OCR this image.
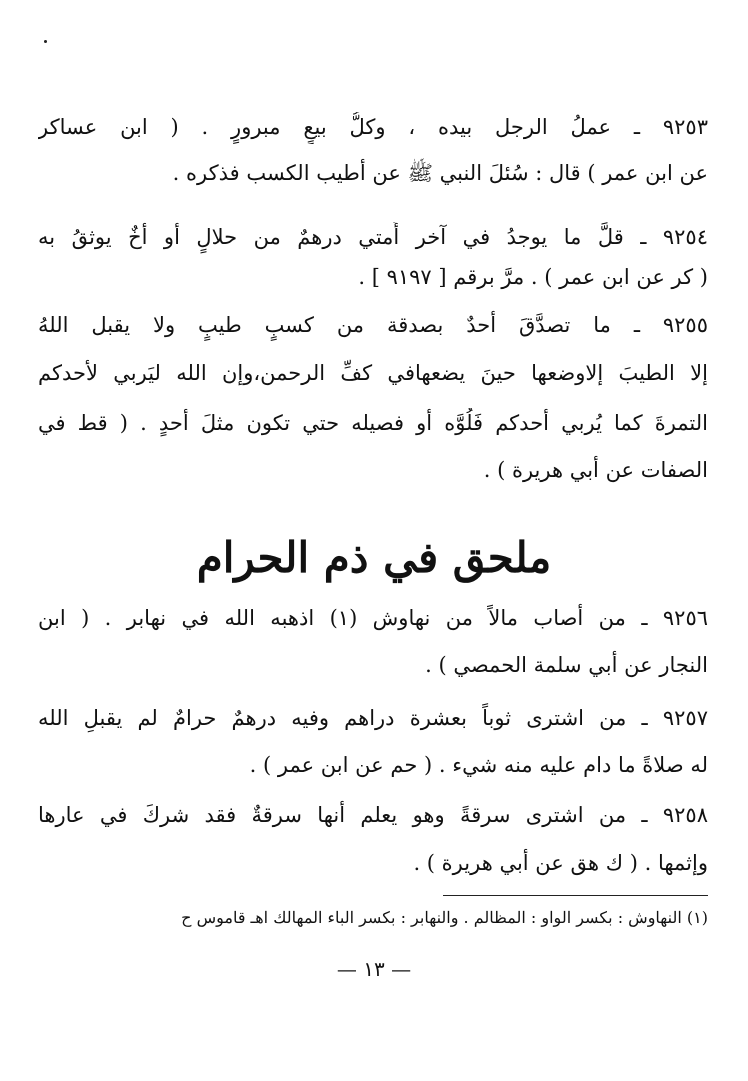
٩٢٥٣ ـ عملُ الرجل بيده ، وكلُّ بيعٍ مبرورٍ . ( ابن عساكر
عن ابن عمر ) قال : سُئلَ النبي ﷺ عن أطيب الكسب فذكره .
٩٢٥٤ ـ قلَّ ما يوجدُ في آخر أُمتي درهمٌ من حلالٍ أو أخٌ يوثقُ به
( كر عن ابن عمر ) . مرَّ برقم [ ٩١٩٧ ] .
٩٢٥٥ ـ ما تصدَّقَ أحدٌ بصدقة من كسبٍ طيبٍ ولا يقبل اللهُ
إلا الطيبَ إلاوضعها حينَ يضعهافي كفِّ الرحمن،وإن الله ليَربي لأحدكم
التمرةَ كما يُربي أحدكم فَلُوَّه أو فصيله حتي تكون مثلَ أحدٍ . ( قط في
الصفات عن أبي هريرة ) .
ملحق في ذم الحرام
٩٢٥٦ ـ من أصاب مالاً من نهاوش (١) اذهبه الله في نهابر . ( ابن
النجار عن أبي سلمة الحمصي ) .
٩٢٥٧ ـ من اشترى ثوباً بعشرة دراهم وفيه درهمٌ حرامٌ لم يقبلِ الله
له صلاةً ما دام عليه منه شيء . ( حم عن ابن عمر ) .
٩٢٥٨ ـ من اشترى سرقةً وهو يعلم أنها سرقةٌ فقد شركَ في عارها
وإثمها . ( ك هق عن أبي هريرة ) .
(١) النهاوش : بكسر الواو : المظالم . والنهابر : بكسر الباء المهالك اهـ قاموس ح
— ١٣ —
